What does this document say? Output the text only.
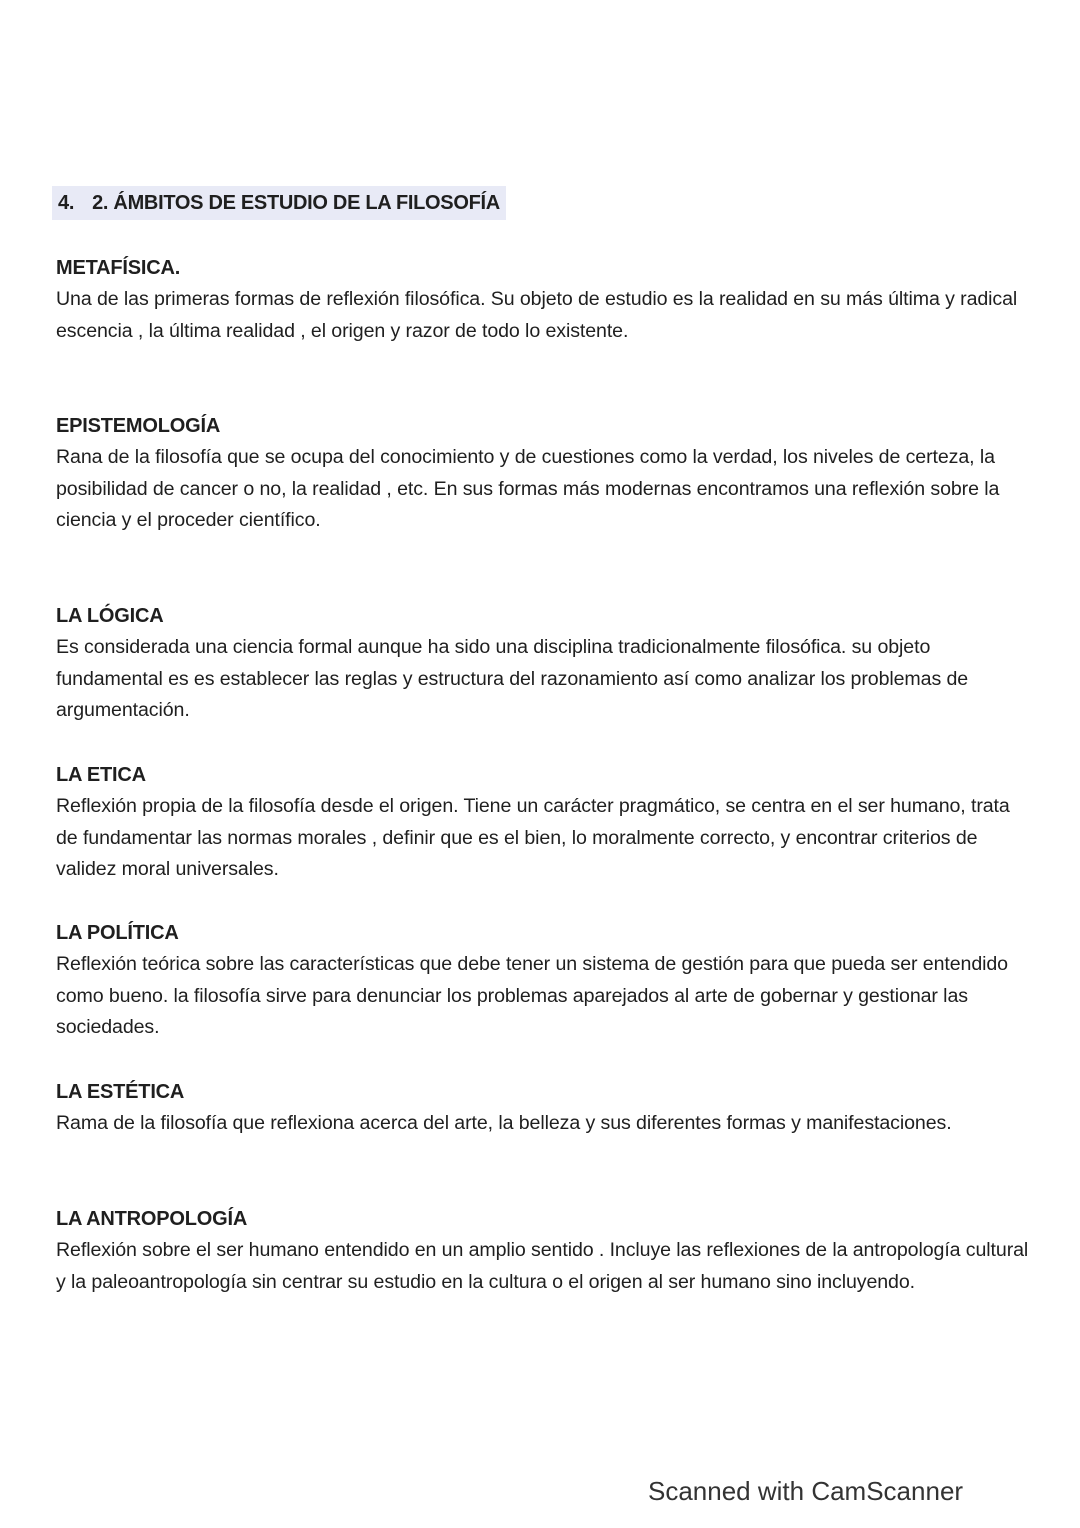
4. 2. ÁMBITOS DE ESTUDIO DE LA FILOSOFÍA
METAFÍSICA.
Una de las primeras formas de reflexión filosófica. Su objeto de estudio es la realidad en su más última y radical escencia , la última realidad , el origen y razor de todo lo existente.
EPISTEMOLOGÍA
Rana de la filosofía que se ocupa del conocimiento y de cuestiones como la verdad, los niveles de certeza, la posibilidad de cancer o no, la realidad , etc. En sus formas más modernas encontramos una reflexión sobre la ciencia y el proceder científico.
LA LÓGICA
Es considerada una ciencia formal aunque ha sido una disciplina tradicionalmente filosófica. su objeto fundamental es es establecer las reglas y estructura del razonamiento así como analizar los problemas de argumentación.
LA ETICA
Reflexión propia de la filosofía desde el origen. Tiene un carácter pragmático, se centra en el ser humano, trata de fundamentar las normas morales , definir que es el bien, lo moralmente correcto, y encontrar criterios de validez moral universales.
LA POLÍTICA
Reflexión teórica sobre las características que debe tener un sistema de gestión para que pueda ser entendido como bueno. la filosofía sirve para denunciar los problemas aparejados al arte de gobernar y gestionar las sociedades.
LA ESTÉTICA
Rama de la filosofía que reflexiona acerca del arte, la belleza y sus diferentes formas y manifestaciones.
LA ANTROPOLOGÍA
Reflexión sobre el ser humano entendido en un amplio sentido . Incluye las reflexiones de la antropología cultural y la paleoantropología sin centrar su estudio en la cultura o el origen al ser humano sino incluyendo.
Scanned with CamScanner
